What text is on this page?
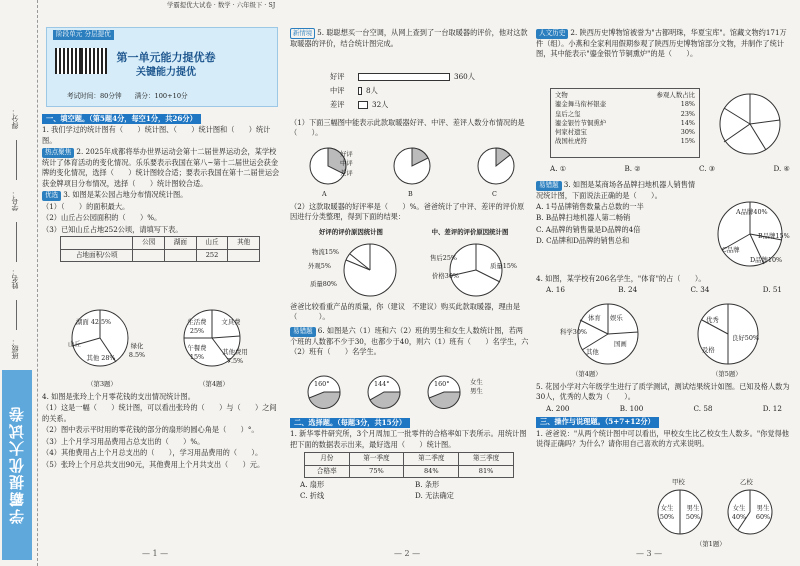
得分：
学号：
姓名：
班级：
学霸提优大试卷
学霸提优大试卷 · 数学 · 六年级下 · SJ
阶段单元 分层提优
第一单元能力提优卷
关键能力提优
考试时间：80分钟　　满分：100+10分

一、填空题。（第5题4分，每空1分，共26分）

1. 我们学过的统计图有（　　）统计图、（　　）统计图和（　　）统计图。

热点聚焦 2. 2025年成都将举办世界运动会第十二届世界运动会，某学校统计了体育活动的变化情况。乐乐要表示我国在第八~第十二届世运会获金牌的变化情况，选择（　　）统计图较合适；要表示我国在第十二届世运会获金牌项目分布情况，选择（　　）统计图较合适。

优选 3. 如图是某公园占地分布情况统计图。

（1）（　　）的面积最大。

（2）山丘占公园面积的（　　）%。

（3）已知山丘占地252公顷，请填写下表。

	公园	湖面	山丘	其他
占地面积/公顷			252	
湖面 42.5%
山丘
其他 28%
绿化 8.5%
（第3题）
生活费 25%
文具费
午餐费 15%
其他费用 7.5%
（第4题）

4. 如图是张玲上个月零花钱的支出情况统计图。

（1）这是一幅（　　）统计图，可以看出张玲的（　　）与（　　）之间的关系。

（2）图中表示平时用的零花钱的部分的扇形的圆心角是（　　）°。

（3）上个月学习用品费用占总支出的（　　）%。

（4）其他费用占上个月总支出的（　　），学习用品费用的（　　）。

（5）张玲上个月总共支出90元，其他费用上个月共支出（　　）元。

— 1 —

新情境 5. 聪聪想买一台空调，从网上查到了一台取暖器的评价，他对这款取暖器的评价，结合统计图完成。

好评	360人
中评	8人
差评	32人

（1）下面三幅图中能表示此款取暖器好评、中评、差评人数分布情况的是（　　）。

好评
中评
差评
A	B	C

（2）这款取暖器的好评率是（　　）%。爸爸统计了中评、差评的评价原因进行分类整理，得到下面的结果：

好评的评价原因统计图	中、差评的评价原因统计图
物流15%
外观5%
质量80%
售后25%
价格30%
质量15%

爸爸比较看重产品的质量，你（建议　不建议）购买此款取暖器，理由是（　　　）。

易错题 6. 如图是六（1）班和六（2）班的男生和女生人数统计图，若两个班的人数都不少于30，也都少于40，则六（1）班有（　　）名学生，六（2）班有（　　）名学生。

160°	144°	160°	女生
男生

二、选择题。（每题3分，共15分）

1. 新华零件研究所，3个月周加工一批零件的合格率如下表所示。用统计图把下面的数据表示出来，最好选用（　　）统计图。

月份	第一季度	第二季度	第三季度
合格率	75%	84%	81%
A. 扇形	B. 条形
C. 折线	D. 无法确定
— 2 —

人文历史 2. 陕西历史博物馆被誉为"古都明珠，华夏宝库"。馆藏文物约171万件（组）。小燕和全家利用假期参观了陕西历史博物馆部分文物，并制作了统计图，其中能表示"鎏金银竹节铜熏炉"的是（　　）。

文物	参观人数占比
鎏金舞马衔杯银壶	18%
皇后之玺	23%
鎏金银竹节铜熏炉	14%
何家村遗宝	30%
战国杜虎符	15%
A. ①	B. ②	C. ③	D. ④

易错题 3. 如图是某商场各品牌扫地机器人销售情况统计图，下面说法正确的是（　　）。

A. 1号品牌销售数量占总数的一半

B. B品牌扫地机器人第二畅销

C. A品牌的销售量是D品牌的4倍

D. C品牌和D品牌的销售总和

A品牌40%
B品牌15%
C品牌
D品牌10%

4. 如图，某学校有206名学生，"体育"的占（　　）。

A. 16	B. 24	C. 34	D. 51
体育 娱乐
科学30%
国画
其他
（第4题）
优秀
良好50%
及格
（第5题）

5. 花园小学对六年级学生进行了质学测试，测试结果统计如图。已知及格人数为30人，优秀的人数为（　　）。

A. 200	B. 100	C. 58	D. 12

三、操作与说理题。（5+7+12分）

1. 爸爸说："从两个统计图中可以看出，甲校女生比乙校女生人数多。"你觉得他说得正确吗？为什么？请你用自己喜欢的方式来说明。

甲校	乙校
女生50%
男生50%
女生40%
男生60%
（第1题）
— 3 —
